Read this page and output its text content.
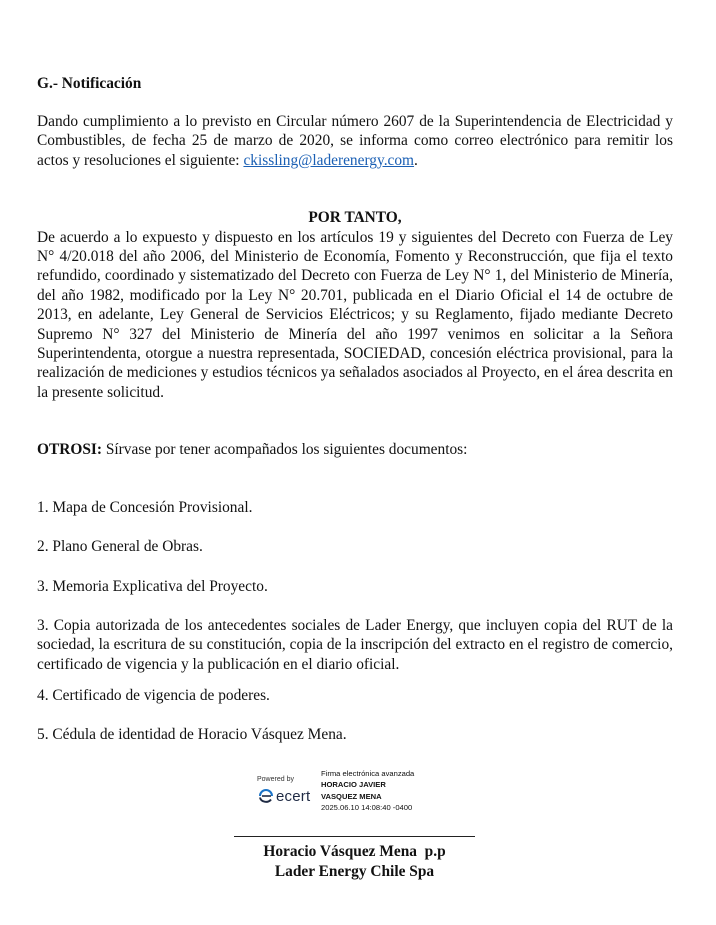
G.- Notificación

Dando cumplimiento a lo previsto en Circular número 2607 de la Superintendencia de Electricidad y Combustibles, de fecha 25 de marzo de 2020, se informa como correo electrónico para remitir los actos y resoluciones el siguiente: ckissling@laderenergy.com.

POR TANTO,

De acuerdo a lo expuesto y dispuesto en los artículos 19 y siguientes del Decreto con Fuerza de Ley N° 4/20.018 del año 2006, del Ministerio de Economía, Fomento y Reconstrucción, que fija el texto refundido, coordinado y sistematizado del Decreto con Fuerza de Ley N° 1, del Ministerio de Minería, del año 1982, modificado por la Ley N° 20.701, publicada en el Diario Oficial el 14 de octubre de 2013, en adelante, Ley General de Servicios Eléctricos; y su Reglamento, fijado mediante Decreto Supremo N° 327 del Ministerio de Minería del año 1997 venimos en solicitar a la Señora Superintendenta, otorgue a nuestra representada, SOCIEDAD, concesión eléctrica provisional, para la realización de mediciones y estudios técnicos ya señalados asociados al Proyecto, en el área descrita en la presente solicitud.

OTROSI: Sírvase por tener acompañados los siguientes documentos:

1. Mapa de Concesión Provisional.

2. Plano General de Obras.

3. Memoria Explicativa del Proyecto.

3. Copia autorizada de los antecedentes sociales de Lader Energy, que incluyen copia del RUT de la sociedad, la escritura de su constitución, copia de la inscripción del extracto en el registro de comercio, certificado de vigencia y la publicación en el diario oficial.

4. Certificado de vigencia de poderes.

5. Cédula de identidad de Horacio Vásquez Mena.

Powered by
ecert
Firma electrónica avanzada
HORACIO JAVIER
VASQUEZ MENA
2025.06.10 14:08:40 -0400
Horacio Vásquez Mena  p.p
Lader Energy Chile Spa
